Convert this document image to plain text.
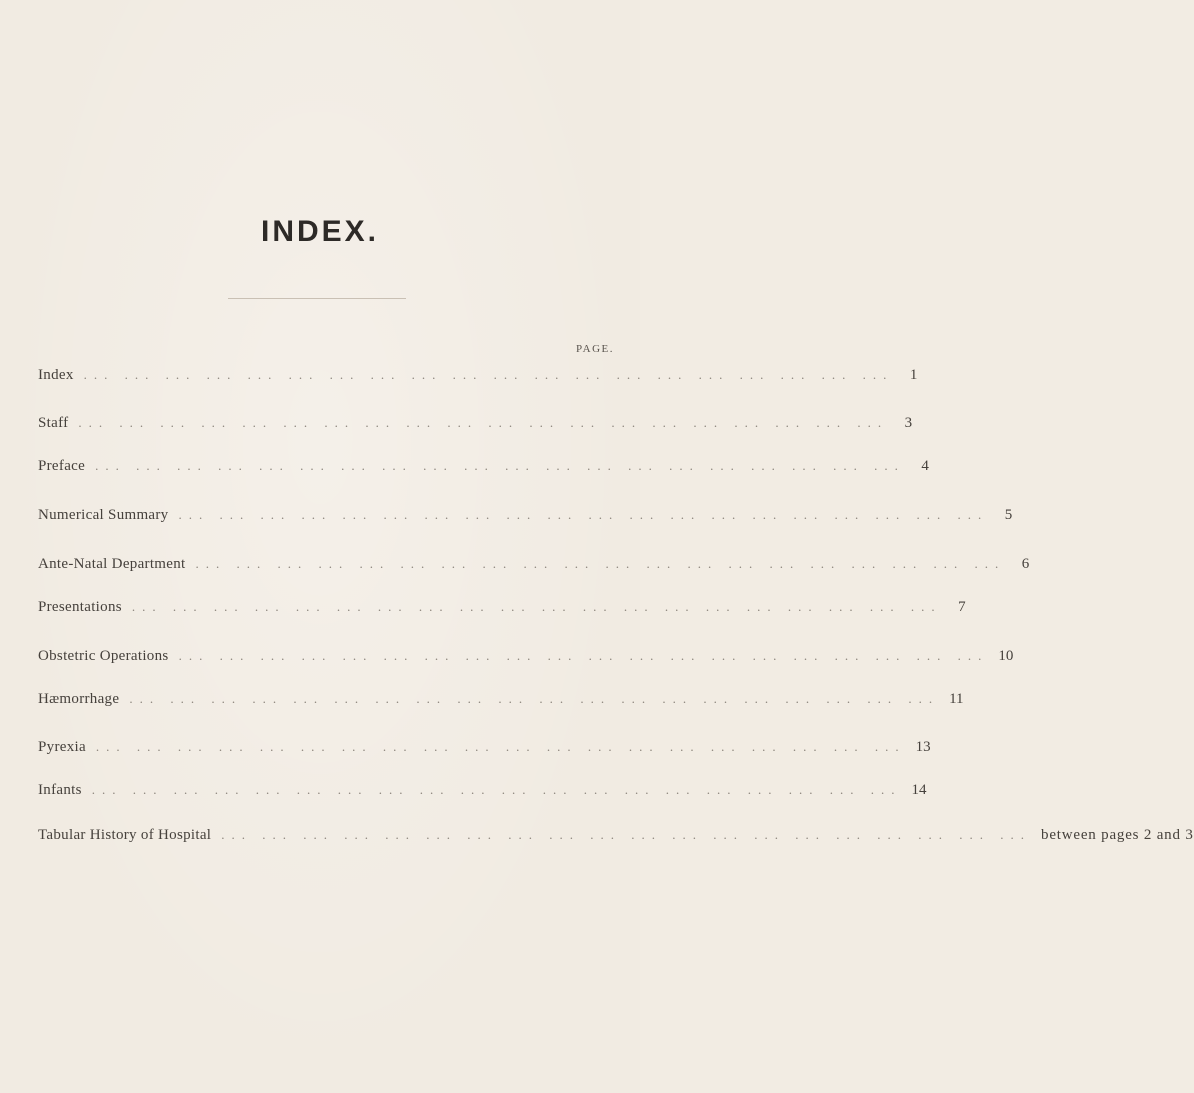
INDEX.
PAGE.
Index ... ... ... ... ... ... ... ... ... ... ... ... ... ... ... ... ... ... ... ...	1
Staff ... ... ... ... ... ... ... ... ... ... ... ... ... ... ... ... ... ... ... ...	3
Preface ... ... ... ... ... ... ... ... ... ... ... ... ... ... ... ... ... ... ... ...	4
Numerical Summary ... ... ... ... ... ... ... ... ... ... ... ... ... ... ... ... ... ... ... ...	5
Ante-Natal Department ... ... ... ... ... ... ... ... ... ... ... ... ... ... ... ... ... ... ... ...	6
Presentations ... ... ... ... ... ... ... ... ... ... ... ... ... ... ... ... ... ... ... ...	7
Obstetric Operations ... ... ... ... ... ... ... ... ... ... ... ... ... ... ... ... ... ... ... ... 10
Hæmorrhage ... ... ... ... ... ... ... ... ... ... ... ... ... ... ... ... ... ... ... ... 11
Pyrexia ... ... ... ... ... ... ... ... ... ... ... ... ... ... ... ... ... ... ... ... 13
Infants ... ... ... ... ... ... ... ... ... ... ... ... ... ... ... ... ... ... ... ... 14
Tabular History of Hospital ... ... ... ... ... ... ... ... ... ... ... ... ... ... ... ... ... ... ... ... between pages 2 and 3
